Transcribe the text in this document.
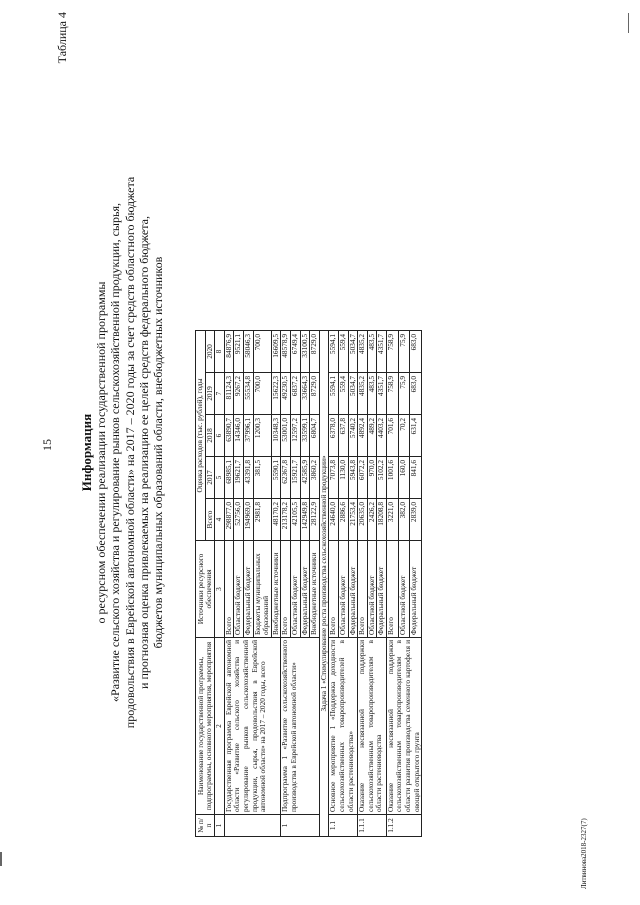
15
Таблица 4
Информация о ресурсном обеспечении реализации государственной программы «Развитие сельского хозяйства и регулирование рынков сельскохозяйственной продукции, сырья, продовольствия в Еврейской автономной области» на 2017 – 2020 годы за счет средств областного бюджета и прогнозная оценка привлекаемых на реализацию ее целей средств федерального бюджета, бюджетов муниципальных образований области, внебюджетных источников
№ п/п	Наименование государственной программы, подпрограммы, основного мероприятия, мероприятия	Источники ресурсного обеспечения	Оценка расходов (тыс. рублей), годы				
			Всего	2017	2018	2019	2020
1	2	3	4	5	6	7	8
	Государственная программа Еврейской автономной области «Развитие сельского хозяйства и регулирование рынков сельскохозяйственной продукции, сырья, продовольствия в Еврейской автономной области» на 2017 – 2020 годы, всего	Всего	298877,0	68985,1	63890,7	81124,3	84876,9
		Областной бюджет	52756,0	19621,7	14346,0	9267,2	9521,1
		Федеральный бюджет	194969,0	43391,8	37996,1	55534,8	58046,3
		Бюджеты муниципальных образований	2981,8	381,5	1200,3	700,0	700,0
		Внебюджетные источники	48170,2	5590,1	10348,3	15622,3	16609,5
1	Подпрограмма 1 «Развитие сельскохозяйственного производства в Еврейской автономной области»	Всего	213178,2	62367,8	53001,0	49230,5	48578,9
		Областной бюджет	42105,5	15921,7	12597,2	6837,2	6749,4
		Федеральный бюджет	142949,8	42585,9	33599,1	33664,3	33100,5
		Внебюджетные источники	28122,9	3860,2	6804,7	8729,0	8729,0
Задача 1 «Стимулирование роста производства сельскохозяйственной продукции»							
1.1	Основное мероприятие 1 «Поддержка доходности сельскохозяйственных товаропроизводителей в области растениеводства»	Всего	24640,0	7073,8	6378,0	5594,1	5594,1
		Областной бюджет	2886,6	1130,0	637,8	559,4	559,4
		Федеральный бюджет	21753,4	5943,8	5740,2	5034,7	5034,7
1.1.1	Оказание несвязанной поддержки сельскохозяйственным товаропроизводителям в области растениеводства	Всего	20635,0	6072,2	4892,4	4835,2	4835,2
		Областной бюджет	2426,2	970,0	489,2	483,5	483,5
		Федеральный бюджет	18208,8	5102,2	4403,2	4351,7	4351,7
1.1.2	Оказание несвязанной поддержки сельскохозяйственным товаропроизводителям в области развития производства семенного картофеля и овощей открытого грунта	Всего	3221,0	1001,6	701,6	758,9	758,9
		Областной бюджет	382,0	160,0	70,2	75,9	75,9
		Федеральный бюджет	2839,0	841,6	631,4	683,0	683,0
Литвинова2018-2327(7)
